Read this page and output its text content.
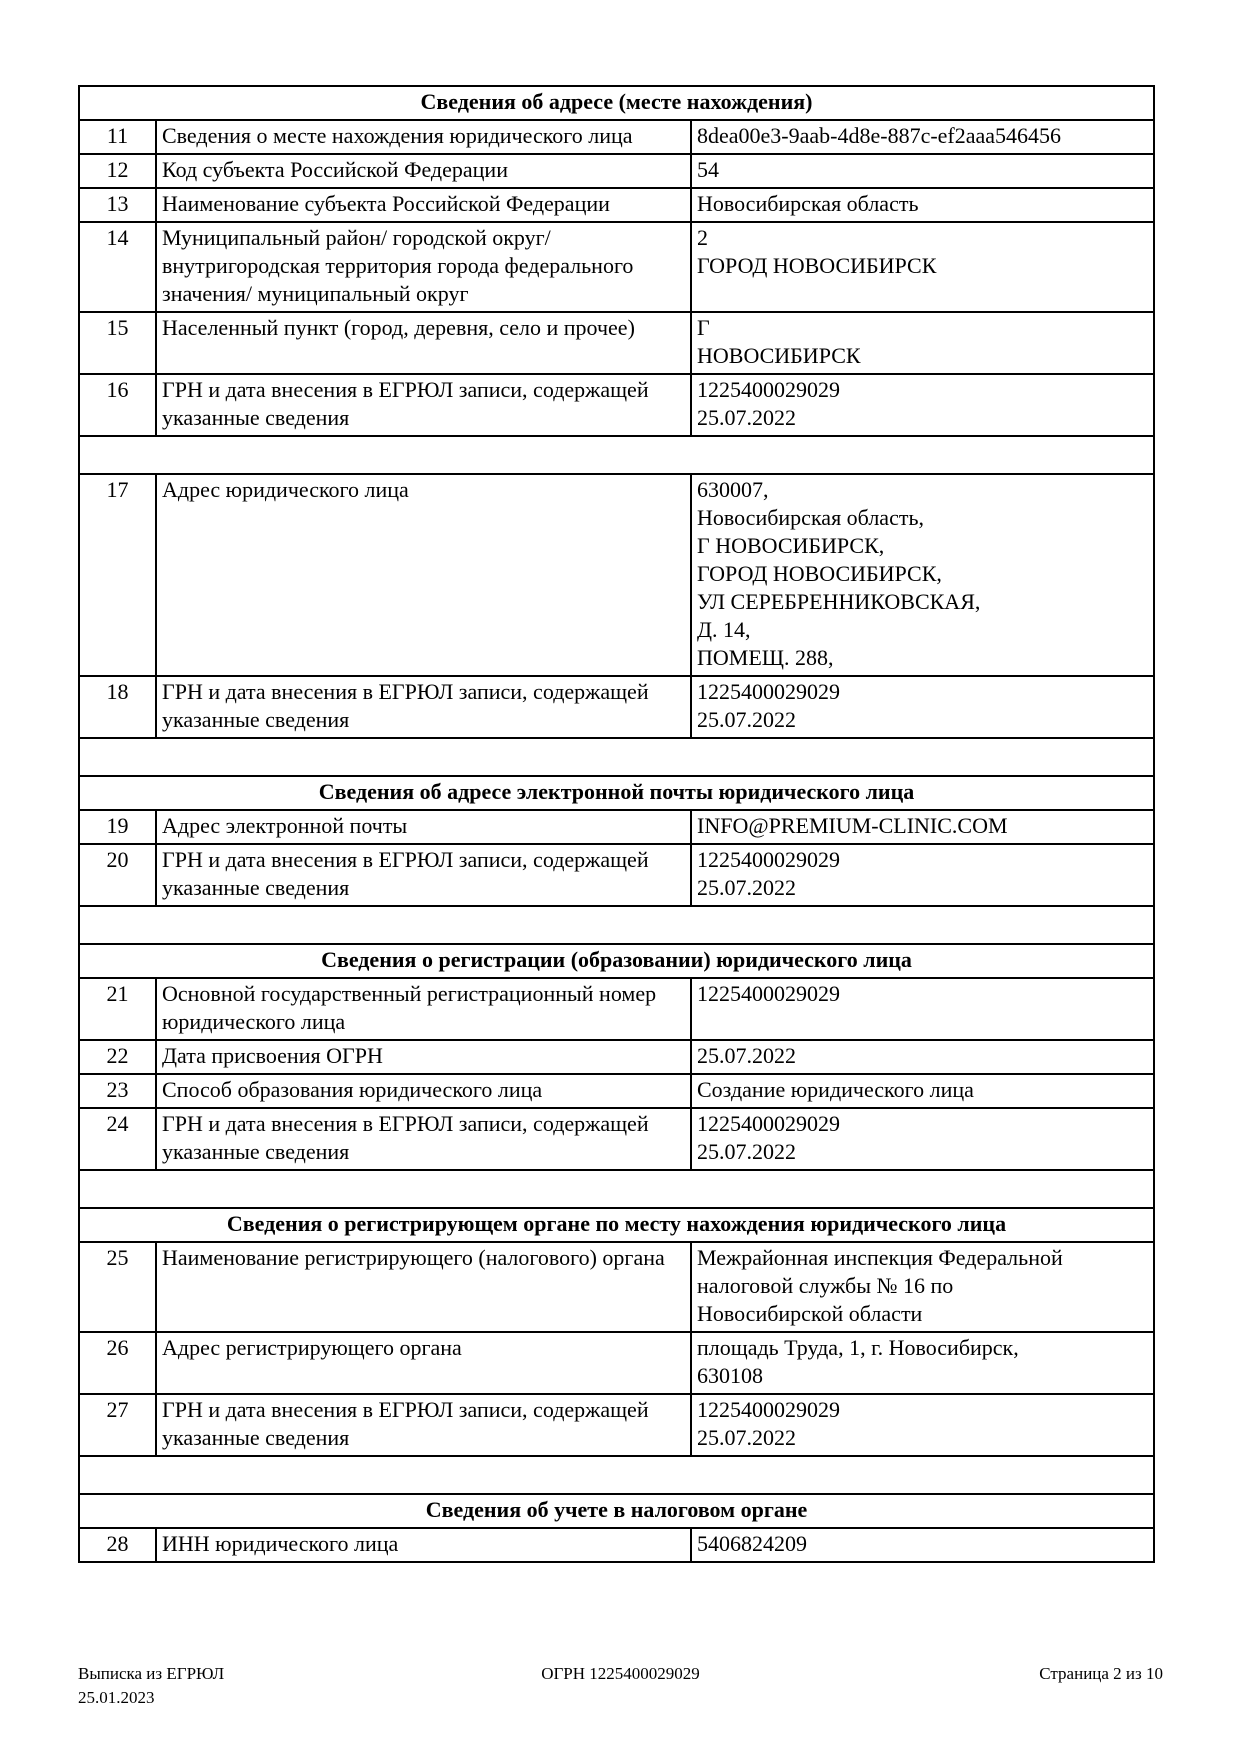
Сведения об адресе (месте нахождения)		
11	Сведения о месте нахождения юридического лица	8dea00e3-9aab-4d8e-887c-ef2aaa546456

12	Код субъекта Российской Федерации	54

13	Наименование субъекта Российской Федерации	Новосибирская область

14	Муниципальный район/ городской округ/ внутригородская территория города федерального значения/ муниципальный округ	2
ГОРОД НОВОСИБИРСК

15	Населенный пункт (город, деревня, село и прочее)	Г
НОВОСИБИРСК

16	ГРН и дата внесения в ЕГРЮЛ записи, содержащей указанные сведения	1225400029029
25.07.2022

17	Адрес юридического лица	630007,
Новосибирская область,
Г НОВОСИБИРСК,
ГОРОД НОВОСИБИРСК,
УЛ СЕРЕБРЕННИКОВСКАЯ,
Д. 14,
ПОМЕЩ. 288,

18	ГРН и дата внесения в ЕГРЮЛ записи, содержащей указанные сведения	1225400029029
25.07.2022

Сведения об адресе электронной почты юридического лица		
19	Адрес электронной почты	INFO@PREMIUM-CLINIC.COM

20	ГРН и дата внесения в ЕГРЮЛ записи, содержащей указанные сведения	1225400029029
25.07.2022

Сведения о регистрации (образовании) юридического лица		
21	Основной государственный регистрационный номер юридического лица	1225400029029

22	Дата присвоения ОГРН	25.07.2022

23	Способ образования юридического лица	Создание юридического лица

24	ГРН и дата внесения в ЕГРЮЛ записи, содержащей указанные сведения	1225400029029
25.07.2022

Сведения о регистрирующем органе по месту нахождения юридического лица		
25	Наименование регистрирующего (налогового) органа	Межрайонная инспекция Федеральной
налоговой службы № 16 по
Новосибирской области

26	Адрес регистрирующего органа	площадь Труда, 1, г. Новосибирск,
630108

27	ГРН и дата внесения в ЕГРЮЛ записи, содержащей указанные сведения	1225400029029
25.07.2022

Сведения об учете в налоговом органе		
28	ИНН юридического лица	5406824209
Выписка из ЕГРЮЛ
25.01.2023
ОГРН 1225400029029	Страница 2 из 10
